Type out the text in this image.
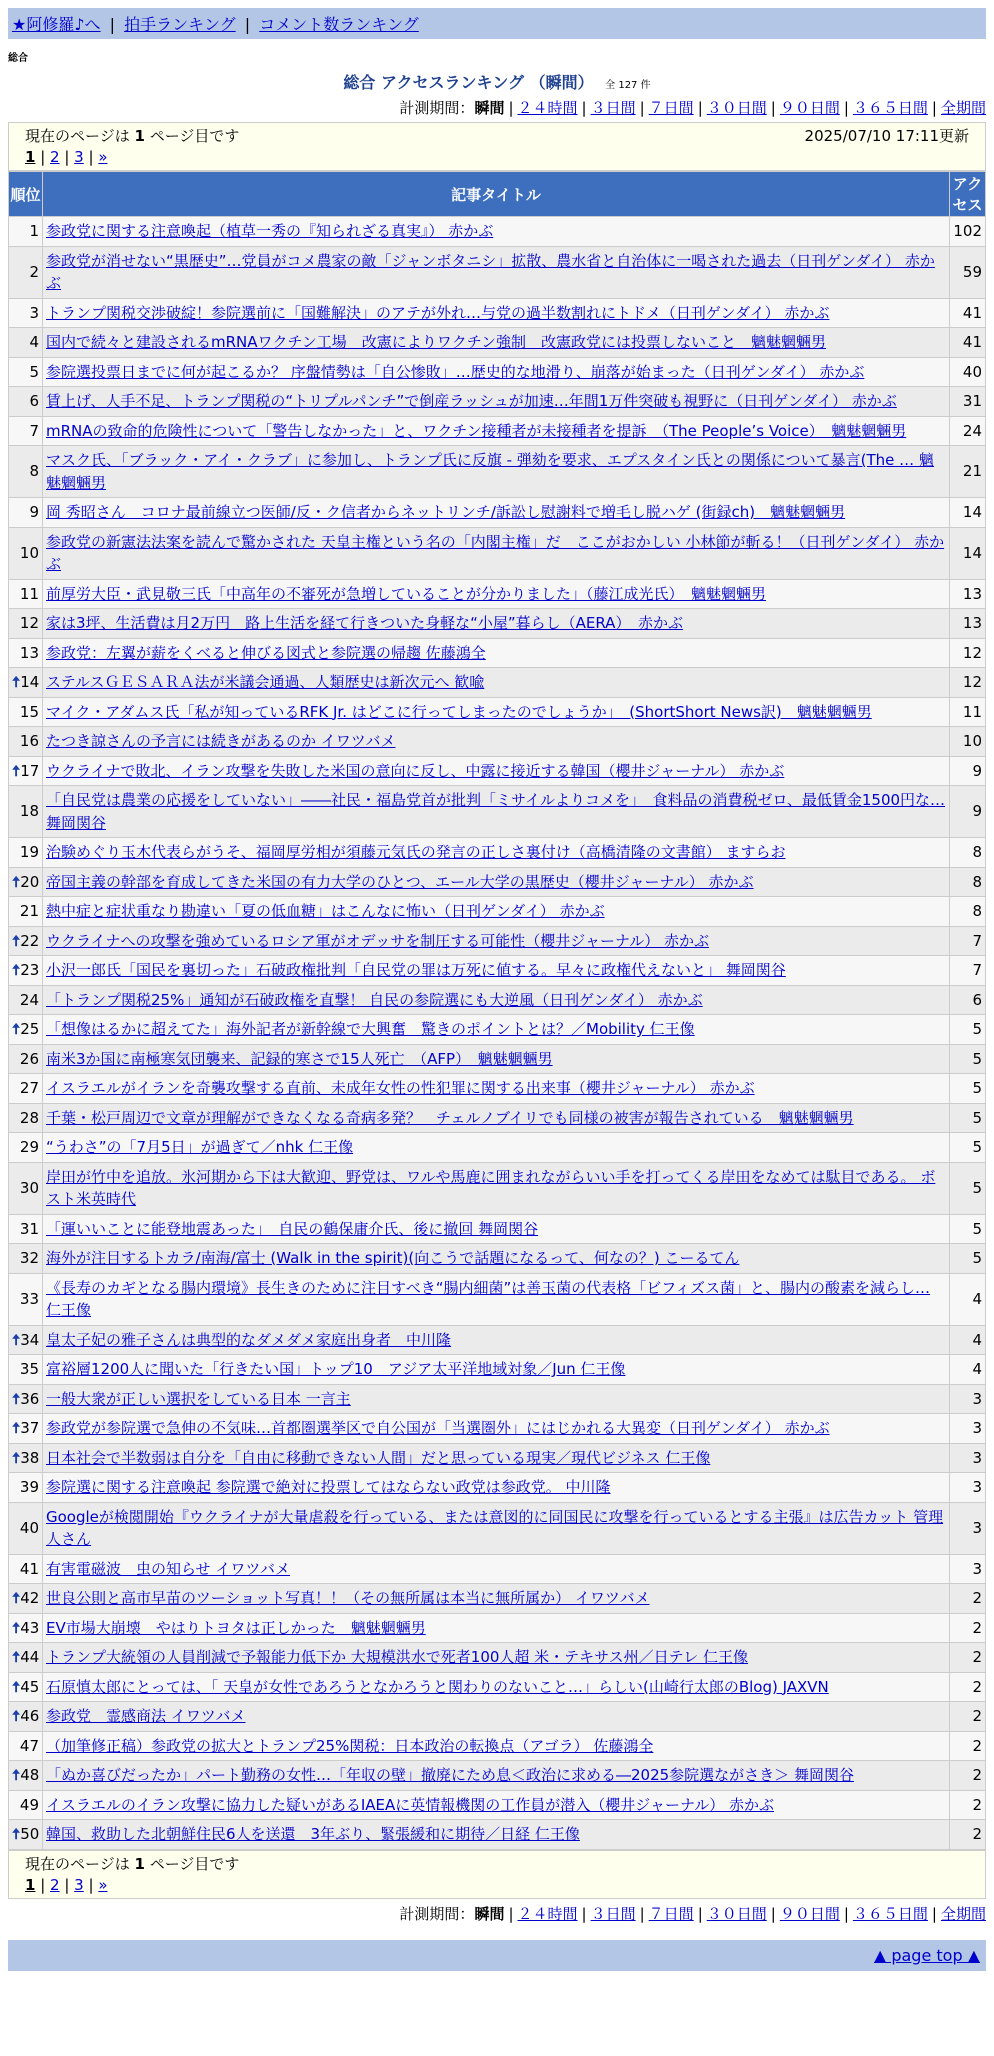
★阿修羅♪へ | 拍手ランキング | コメント数ランキング
総合
総合 アクセスランキング （瞬間） 全 127 件
計測期間：瞬間 | ２４時間 | ３日間 | ７日間 | ３０日間 | ９０日間 | ３６５日間 | 全期間
現在のページは 1 ページ目です	2025/07/10 17:11更新
1 | 2 | 3 | »
順位	記事タイトル	アクセス
1	参政党に関する注意喚起（植草一秀の『知られざる真実』） 赤かぶ	102
2	参政党が消せない“黒歴史”…党員がコメ農家の敵「ジャンボタニシ」拡散、農水省と自治体に一喝された過去（日刊ゲンダイ） 赤かぶ	59
3	トランプ関税交渉破綻！参院選前に「国難解決」のアテが外れ…与党の過半数割れにトドメ（日刊ゲンダイ） 赤かぶ	41
4	国内で続々と建設されるmRNAワクチン工場　改憲によりワクチン強制　改憲政党には投票しないこと　魑魅魍魎男	41
5	参院選投票日までに何が起こるか？ 序盤情勢は「自公惨敗」…歴史的な地滑り、崩落が始まった（日刊ゲンダイ） 赤かぶ	40
6	賃上げ、人手不足、トランプ関税の“トリプルパンチ”で倒産ラッシュが加速…年間1万件突破も視野に（日刊ゲンダイ） 赤かぶ	31
7	mRNAの致命的危険性について「警告しなかった」と、ワクチン接種者が未接種者を提訴　（The People’s Voice）　魑魅魍魎男	24
8	マスク氏、「ブラック・アイ・クラブ」に参加し、トランプ氏に反旗 - 弾劾を要求、エプスタイン氏との関係について暴言(The … 魑魅魍魎男	21
9	岡 秀昭さん　コロナ最前線立つ医師/反・ク信者からネットリンチ/訴訟し慰謝料で増毛し脱ハゲ (街録ch)　魑魅魍魎男	14
10	参政党の新憲法法案を読んで驚かされた 天皇主権という名の「内閣主権」だ　ここがおかしい 小林節が斬る！（日刊ゲンダイ） 赤かぶ	14
11	前厚労大臣・武見敬三氏「中高年の不審死が急増していることが分かりました」（藤江成光氏）　魑魅魍魎男	13
12	家は3坪、生活費は月2万円　路上生活を経て行きついた身軽な“小屋”暮らし（AERA）　赤かぶ	13
13	参政党：左翼が薪をくべると伸びる図式と参院選の帰趨 佐藤鴻全	12

🠅 14	ステルスＧＥＳＡＲＡ法が米議会通過、人類歴史は新次元へ 歓喩	12
15	マイク・アダムス氏「私が知っているRFK Jr. はどこに行ってしまったのでしょうか」　(ShortShort News訳)　魑魅魍魎男	11
16	たつき諒さんの予言には続きがあるのか イワツバメ	10

🠅 17	ウクライナで敗北、イラン攻撃を失敗した米国の意向に反し、中露に接近する韓国（櫻井ジャーナル） 赤かぶ	9
18	「自民党は農業の応援をしていない」――社民・福島党首が批判「ミサイルよりコメを」　食料品の消費税ゼロ、最低賃金1500円な… 舞岡関谷	9
19	治験めぐり玉木代表らがうそ、福岡厚労相が須藤元気氏の発言の正しさ裏付け（高橋清隆の文書館） ますらお	8

🠅 20	帝国主義の幹部を育成してきた米国の有力大学のひとつ、エール大学の黒歴史（櫻井ジャーナル） 赤かぶ	8
21	熱中症と症状重なり勘違い「夏の低血糖」はこんなに怖い（日刊ゲンダイ） 赤かぶ	8

🠅 22	ウクライナへの攻撃を強めているロシア軍がオデッサを制圧する可能性（櫻井ジャーナル） 赤かぶ	7

🠅 23	小沢一郎氏「国民を裏切った」石破政権批判「自民党の罪は万死に値する。早々に政権代えないと」 舞岡関谷	7
24	「トランプ関税25%」通知が石破政権を直撃！ 自民の参院選にも大逆風（日刊ゲンダイ） 赤かぶ	6

🠅 25	「想像はるかに超えてた」海外記者が新幹線で大興奮　驚きのポイントとは？／Mobility 仁王像	5
26	南米3か国に南極寒気団襲来、記録的寒さで15人死亡　（AFP）　魑魅魍魎男	5
27	イスラエルがイランを奇襲攻撃する直前、未成年女性の性犯罪に関する出来事（櫻井ジャーナル） 赤かぶ	5
28	千葉・松戸周辺で文章が理解ができなくなる奇病多発？　チェルノブイリでも同様の被害が報告されている　魑魅魍魎男	5
29	“うわさ”の「7月5日」が過ぎて／nhk 仁王像	5
30	岸田が竹中を追放。氷河期から下は大歓迎、野党は、ワルや馬鹿に囲まれながらいい手を打ってくる岸田をなめては駄目である。 ボスト米英時代	5
31	「運いいことに能登地震あった」　自民の鶴保庸介氏、後に撤回 舞岡関谷	5
32	海外が注目するトカラ/南海/富士 (Walk in the spirit)(向こうで話題になるって、何なの？) こーるてん	5
33	《長寿のカギとなる腸内環境》長生きのために注目すべき“腸内細菌”は善玉菌の代表格「ビフィズス菌」と、腸内の酸素を減らし… 仁王像	4

🠅 34	皇太子妃の雅子さんは典型的なダメダメ家庭出身者　中川隆	4
35	富裕層1200人に聞いた「行きたい国」トップ10　アジア太平洋地域対象／Jun 仁王像	4

🠅 36	一般大衆が正しい選択をしている日本 一言主	3

🠅 37	参政党が参院選で急伸の不気味…首都圏選挙区で自公国が「当選圏外」にはじかれる大異変（日刊ゲンダイ） 赤かぶ	3

🠅 38	日本社会で半数弱は自分を「自由に移動できない人間」だと思っている現実／現代ビジネス 仁王像	3
39	参院選に関する注意喚起 参院選で絶対に投票してはならない政党は参政党。 中川隆	3
40	Googleが検閲開始『ウクライナが大量虐殺を行っている、または意図的に同国民に攻撃を行っているとする主張』は広告カット 管理人さん	3
41	有害電磁波　虫の知らせ イワツバメ	3

🠅 42	世良公則と高市早苗のツーショット写真！！（その無所属は本当に無所属か） イワツバメ	2

🠅 43	EV市場大崩壊　やはりトヨタは正しかった　魑魅魍魎男	2

🠅 44	トランプ大統領の人員削減で予報能力低下か 大規模洪水で死者100人超 米・テキサス州／日テレ 仁王像	2

🠅 45	石原慎太郎にとっては、「 天皇が女性であろうとなかろうと関わりのないこと…」らしい(山崎行太郎のBlog) JAXVN	2

🠅 46	参政党　霊感商法 イワツバメ	2
47	（加筆修正稿）参政党の拡大とトランプ25%関税：日本政治の転換点（アゴラ） 佐藤鴻全	2

🠅 48	「ぬか喜びだったか」パート勤務の女性…「年収の壁」撤廃にため息＜政治に求める―2025参院選ながさき＞ 舞岡関谷	2
49	イスラエルのイラン攻撃に協力した疑いがあるIAEAに英情報機関の工作員が潜入（櫻井ジャーナル） 赤かぶ	2

🠅 50	韓国、救助した北朝鮮住民6人を送還　3年ぶり、緊張緩和に期待／日経 仁王像	2
現在のページは 1 ページ目です
1 | 2 | 3 | »
計測期間：瞬間 | ２４時間 | ３日間 | ７日間 | ３０日間 | ９０日間 | ３６５日間 | 全期間
▲ page top ▲
